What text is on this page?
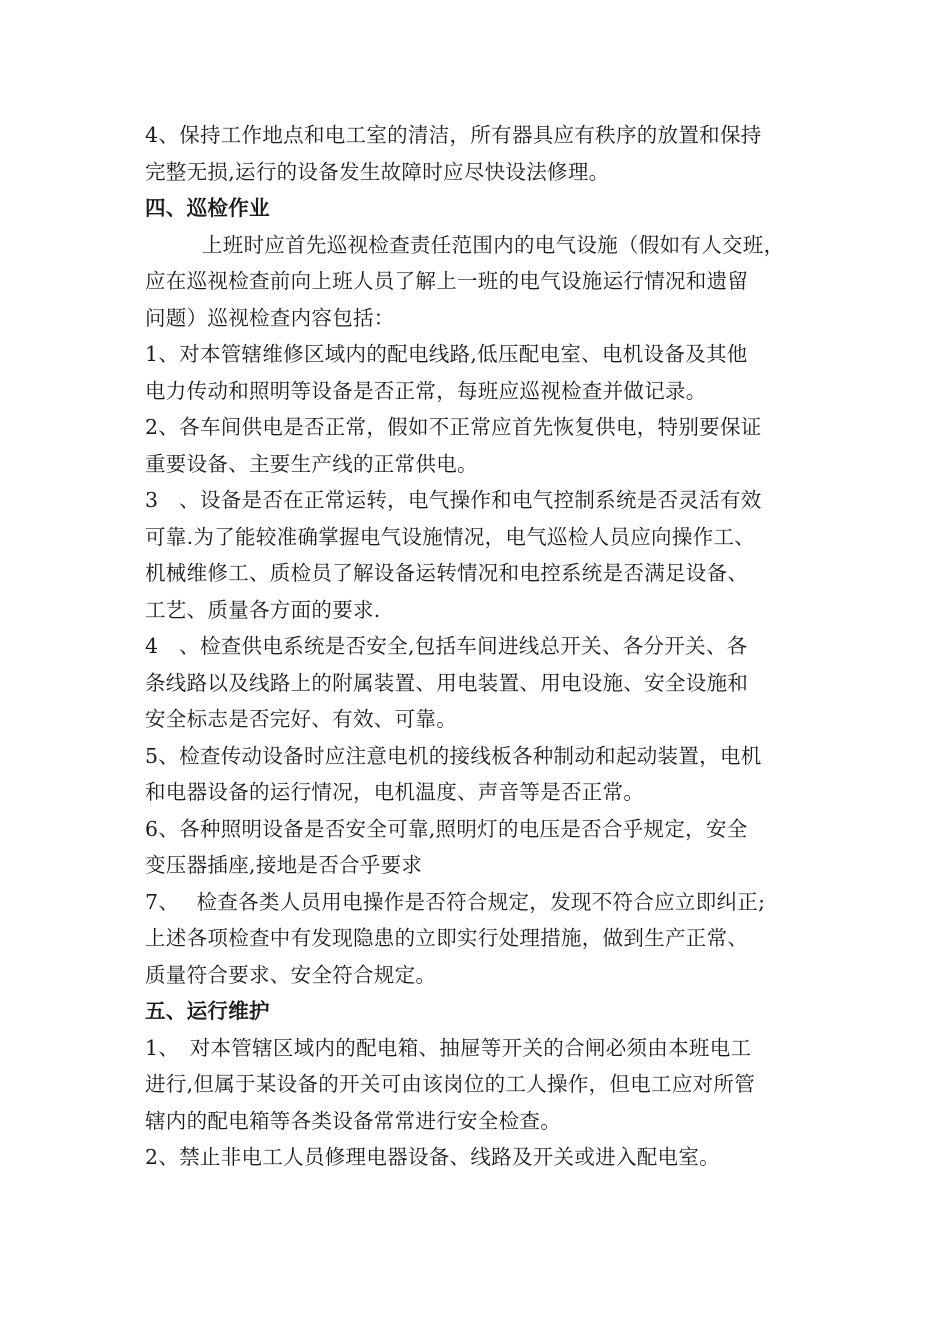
4、保持工作地点和电工室的清洁，所有器具应有秩序的放置和保持
完整无损,运行的设备发生故障时应尽快设法修理。
四、巡检作业
上班时应首先巡视检查责任范围内的电气设施（假如有人交班，
应在巡视检查前向上班人员了解上一班的电气设施运行情况和遗留
问题）巡视检查内容包括：
1、对本管辖维修区域内的配电线路,低压配电室、电机设备及其他
电力传动和照明等设备是否正常，每班应巡视检查并做记录。
2、各车间供电是否正常，假如不正常应首先恢复供电，特别要保证
重要设备、主要生产线的正常供电。
3　、设备是否在正常运转，电气操作和电气控制系统是否灵活有效
可靠.为了能较准确掌握电气设施情况，电气巡检人员应向操作工、
机械维修工、质检员了解设备运转情况和电控系统是否满足设备、
工艺、质量各方面的要求.
4　、检查供电系统是否安全,包括车间进线总开关、各分开关、各
条线路以及线路上的附属装置、用电装置、用电设施、安全设施和
安全标志是否完好、有效、可靠。
5、检查传动设备时应注意电机的接线板各种制动和起动装置，电机
和电器设备的运行情况，电机温度、声音等是否正常。
6、各种照明设备是否安全可靠,照明灯的电压是否合乎规定，安全
变压器插座,接地是否合乎要求
7、　 检查各类人员用电操作是否符合规定，发现不符合应立即纠正;
上述各项检查中有发现隐患的立即实行处理措施，做到生产正常、
质量符合要求、安全符合规定。
五、运行维护
1、　对本管辖区域内的配电箱、抽屉等开关的合闸必须由本班电工
进行,但属于某设备的开关可由该岗位的工人操作，但电工应对所管
辖内的配电箱等各类设备常常进行安全检查。
2、禁止非电工人员修理电器设备、线路及开关或进入配电室。
